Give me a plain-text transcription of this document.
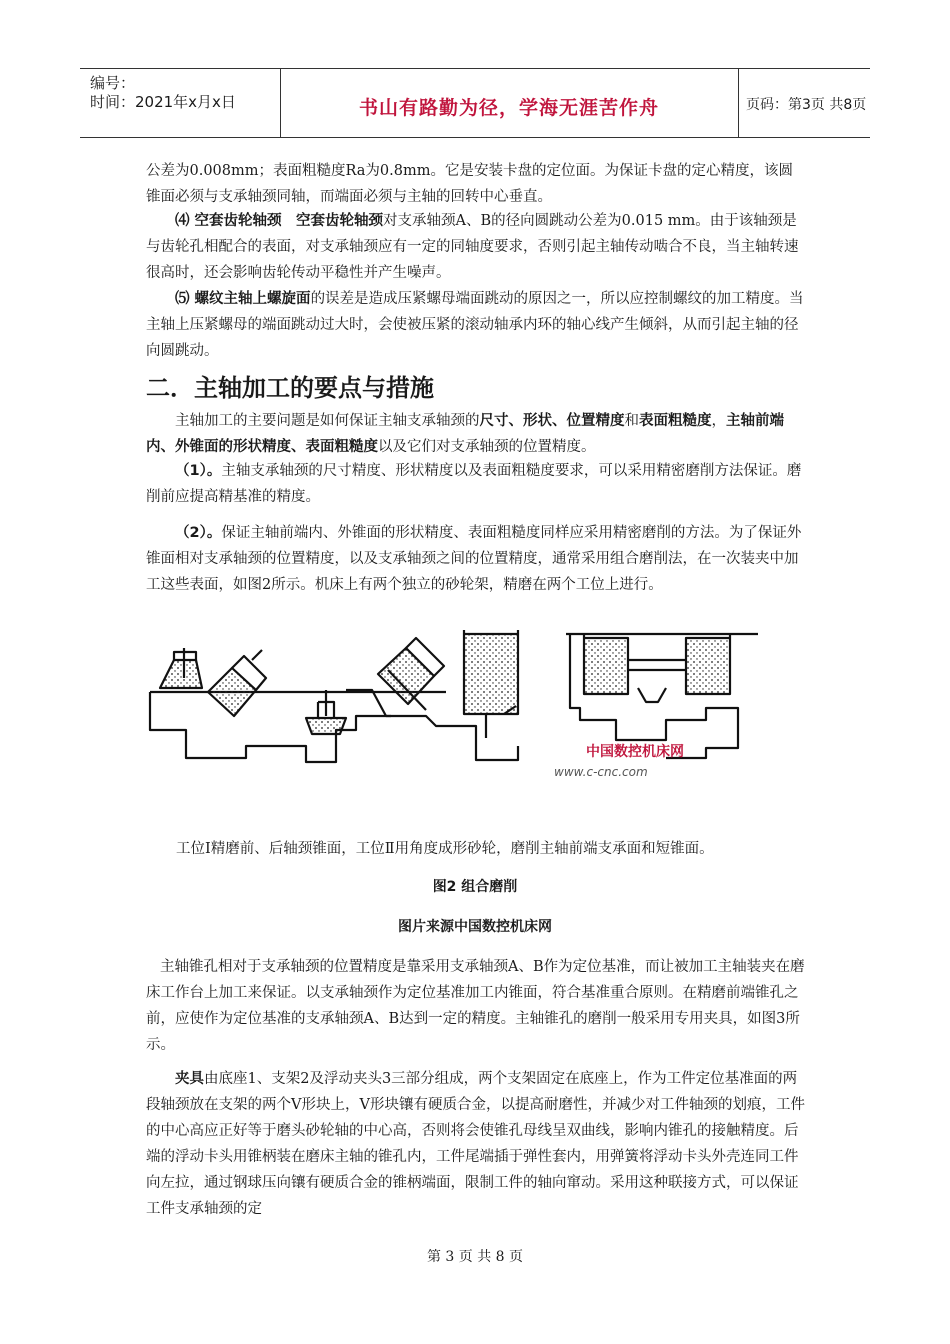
编号：
时间：2021年x月x日	书山有路勤为径，学海无涯苦作舟	页码：第3页 共8页

公差为0.008mm；表面粗糙度Ra为0.8mm。它是安装卡盘的定位面。为保证卡盘的定心精度，该圆锥面必须与支承轴颈同轴，而端面必须与主轴的回转中心垂直。

⑷ 空套齿轮轴颈　空套齿轮轴颈对支承轴颈A、B的径向圆跳动公差为0.015 mm。由于该轴颈是与齿轮孔相配合的表面，对支承轴颈应有一定的同轴度要求，否则引起主轴传动啮合不良，当主轴转速很高时，还会影响齿轮传动平稳性并产生噪声。

⑸ 螺纹主轴上螺旋面的误差是造成压紧螺母端面跳动的原因之一，所以应控制螺纹的加工精度。当主轴上压紧螺母的端面跳动过大时，会使被压紧的滚动轴承内环的轴心线产生倾斜，从而引起主轴的径向圆跳动。

二．主轴加工的要点与措施

主轴加工的主要问题是如何保证主轴支承轴颈的尺寸、形状、位置精度和表面粗糙度，主轴前端内、外锥面的形状精度、表面粗糙度以及它们对支承轴颈的位置精度。

（1）。主轴支承轴颈的尺寸精度、形状精度以及表面粗糙度要求，可以采用精密磨削方法保证。磨削前应提高精基准的精度。

（2）。保证主轴前端内、外锥面的形状精度、表面粗糙度同样应采用精密磨削的方法。为了保证外锥面相对支承轴颈的位置精度，以及支承轴颈之间的位置精度，通常采用组合磨削法，在一次装夹中加工这些表面，如图2所示。机床上有两个独立的砂轮架，精磨在两个工位上进行。

中国数控机床网
www.c-cnc.com

工位Ⅰ精磨前、后轴颈锥面，工位Ⅱ用角度成形砂轮，磨削主轴前端支承面和短锥面。

图2 组合磨削
图片来源中国数控机床网

主轴锥孔相对于支承轴颈的位置精度是靠采用支承轴颈A、B作为定位基准，而让被加工主轴装夹在磨床工作台上加工来保证。以支承轴颈作为定位基准加工内锥面，符合基准重合原则。在精磨前端锥孔之前，应使作为定位基准的支承轴颈A、B达到一定的精度。主轴锥孔的磨削一般采用专用夹具，如图3所示。

夹具由底座1、支架2及浮动夹头3三部分组成，两个支架固定在底座上，作为工件定位基准面的两段轴颈放在支架的两个V形块上，V形块镶有硬质合金，以提高耐磨性，并减少对工件轴颈的划痕，工件的中心高应正好等于磨头砂轮轴的中心高，否则将会使锥孔母线呈双曲线，影响内锥孔的接触精度。后端的浮动卡头用锥柄装在磨床主轴的锥孔内，工件尾端插于弹性套内，用弹簧将浮动卡头外壳连同工件向左拉，通过钢球压向镶有硬质合金的锥柄端面，限制工件的轴向窜动。采用这种联接方式，可以保证工件支承轴颈的定

第 3 页 共 8 页
